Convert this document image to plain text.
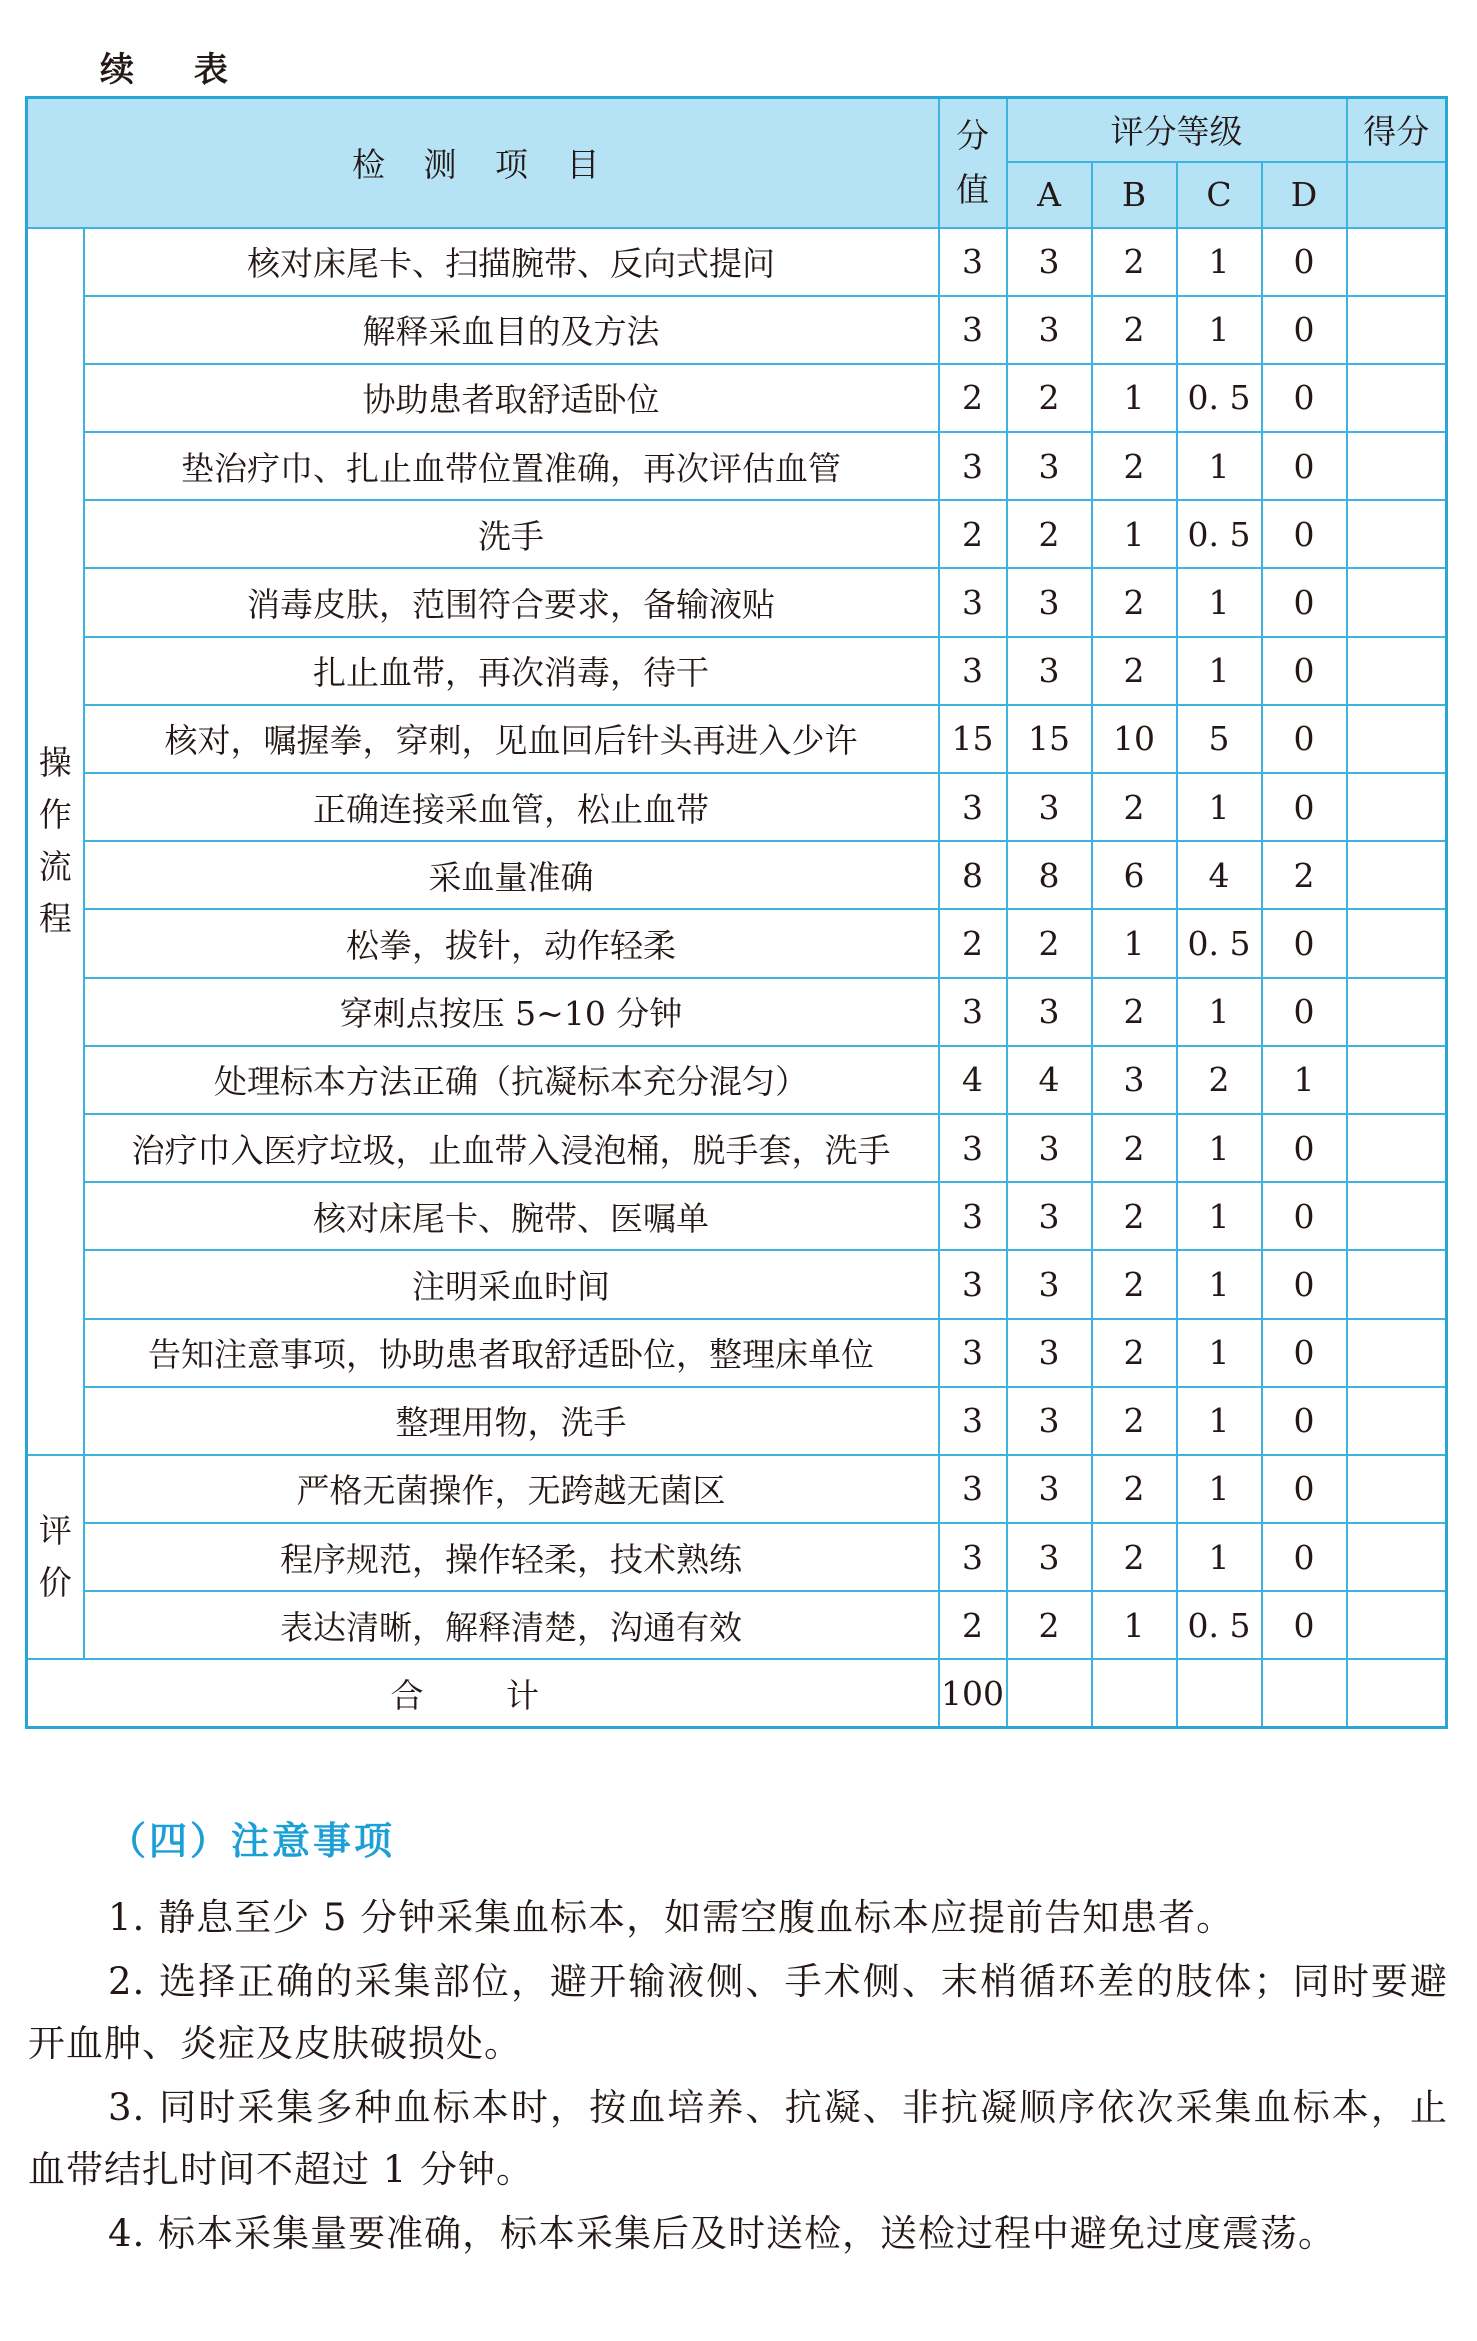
续 表
检 测 项 目		分值	评分等级				得分
			A	B	C	D	

操作流程	核对床尾卡、扫描腕带、反向式提问	3	3	2	1	0	
	解释采血目的及方法	3	3	2	1	0	
	协助患者取舒适卧位	2	2	1	0. 5	0	
	垫治疗巾、扎止血带位置准确，再次评估血管	3	3	2	1	0	
	洗手	2	2	1	0. 5	0	
	消毒皮肤，范围符合要求，备输液贴	3	3	2	1	0	
	扎止血带，再次消毒，待干	3	3	2	1	0	
	核对，嘱握拳，穿刺，见血回后针头再进入少许	15	15	10	5	0	
	正确连接采血管，松止血带	3	3	2	1	0	
	采血量准确	8	8	6	4	2	
	松拳，拔针，动作轻柔	2	2	1	0. 5	0	
	穿刺点按压 5~10 分钟	3	3	2	1	0	
	处理标本方法正确（抗凝标本充分混匀）	4	4	3	2	1	
	治疗巾入医疗垃圾，止血带入浸泡桶，脱手套，洗手	3	3	2	1	0	
	核对床尾卡、腕带、医嘱单	3	3	2	1	0	
	注明采血时间	3	3	2	1	0	
	告知注意事项，协助患者取舒适卧位，整理床单位	3	3	2	1	0	
	整理用物，洗手	3	3	2	1	0	

评价	严格无菌操作，无跨越无菌区	3	3	2	1	0	
	程序规范，操作轻柔，技术熟练	3	3	2	1	0	
	表达清晰，解释清楚，沟通有效	2	2	1	0. 5	0	
合 计		100					
（四）注意事项

1. 静息至少 5 分钟采集血标本，如需空腹血标本应提前告知患者。

2. 选择正确的采集部位，避开输液侧、手术侧、末梢循环差的肢体；同时要避开血肿、炎症及皮肤破损处。

3. 同时采集多种血标本时，按血培养、抗凝、非抗凝顺序依次采集血标本，止血带结扎时间不超过 1 分钟。

4. 标本采集量要准确，标本采集后及时送检，送检过程中避免过度震荡。
